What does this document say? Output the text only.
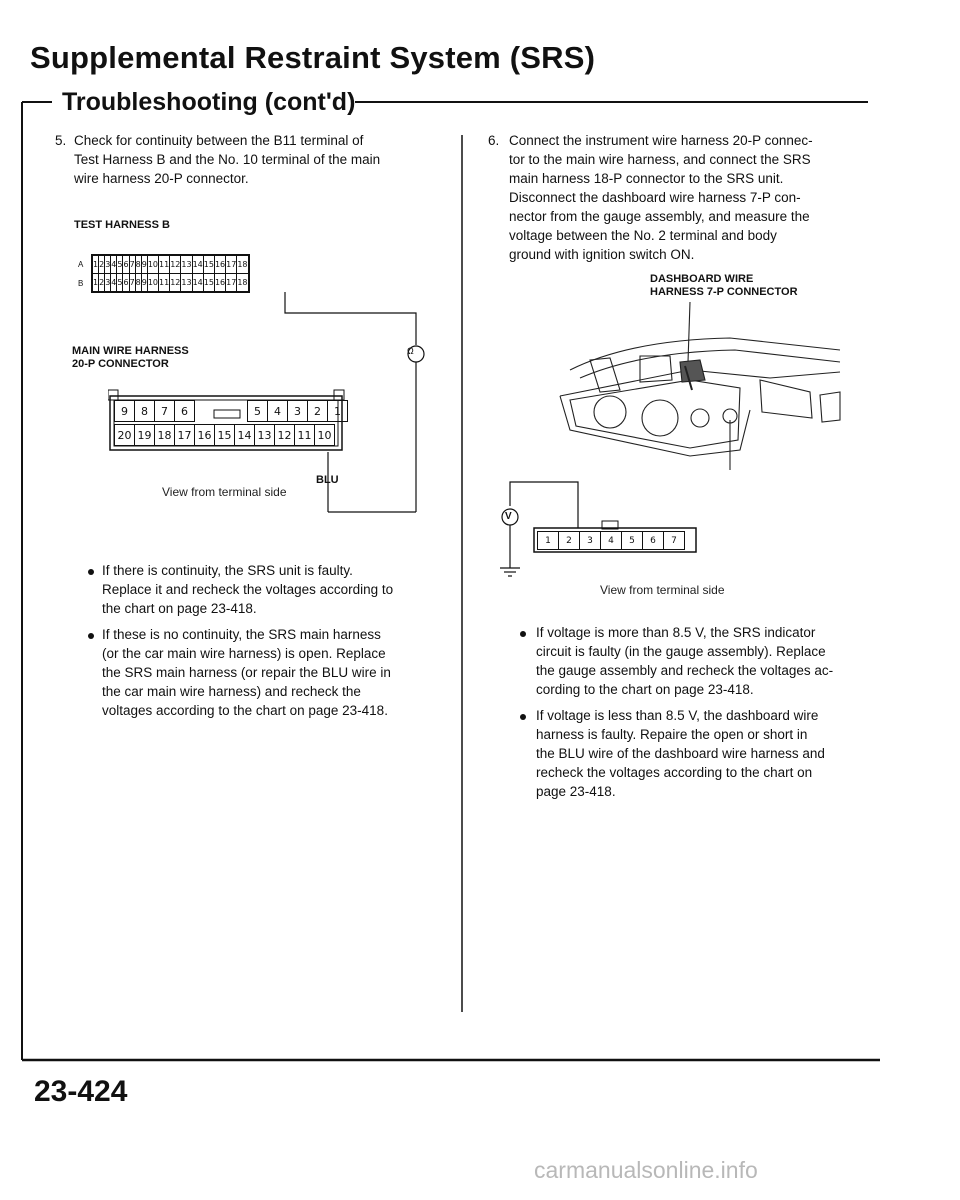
Supplemental Restraint System (SRS)
Troubleshooting (cont'd)
5. Check for continuity between the B11 terminal of
Test Harness B and the No. 10 terminal of the main
wire harness 20-P connector.
TEST HARNESS B
A
B
1	2	3	4	5	6	7	8	9	10	11	12	13	14	15	16	17	18
1	2	3	4	5	6	7	8	9	10	11	12	13	14	15	16	17	18
Ω
MAIN WIRE HARNESS
20-P CONNECTOR
9	8	7	6	5	4	3	2	1
20	19	18	17	16	15	14	13	12	11	10
BLU
View from terminal side
If there is continuity, the SRS unit is faulty.
Replace it and recheck the voltages according to
the chart on page 23-418.
If these is no continuity, the SRS main harness
(or the car main wire harness) is open. Replace
the SRS main harness (or repair the BLU wire in
the car main wire harness) and recheck the
voltages according to the chart on page 23-418.
6. Connect the instrument wire harness 20-P connec-
tor to the main wire harness, and connect the SRS
main harness 18-P connector to the SRS unit.
Disconnect the dashboard wire harness 7-P con-
nector from the gauge assembly, and measure the
voltage between the No. 2 terminal and body
ground with ignition switch ON.
DASHBOARD WIRE
HARNESS 7-P CONNECTOR
V
1	2	3	4	5	6	7
View from terminal side
If voltage is more than 8.5 V, the SRS indicator
circuit is faulty (in the gauge assembly). Replace
the gauge assembly and recheck the voltages ac-
cording to the chart on page 23-418.
If voltage is less than 8.5 V, the dashboard wire
harness is faulty. Repaire the open or short in
the BLU wire of the dashboard wire harness and
recheck the voltages according to the chart on
page 23-418.
23-424
carmanualsonline.info
